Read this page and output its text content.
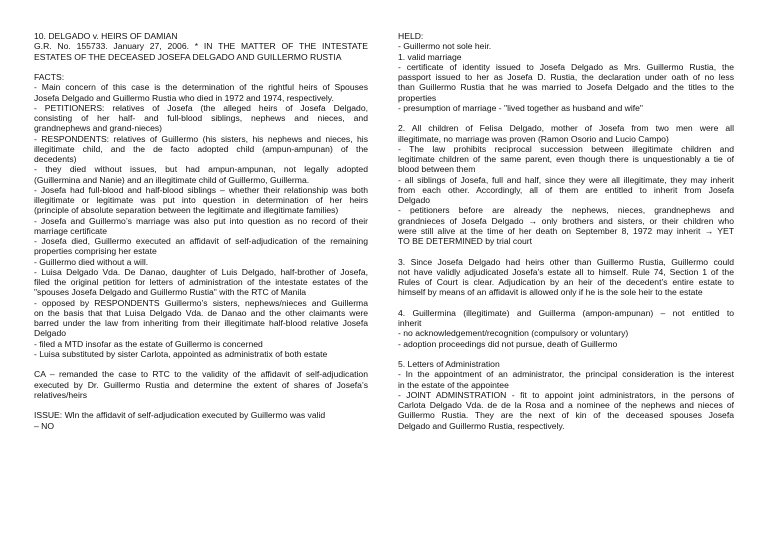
10. DELGADO v. HEIRS OF DAMIAN
G.R. No. 155733. January 27, 2006. * IN THE MATTER OF THE INTESTATE
ESTATES OF THE DECEASED JOSEFA DELGADO AND GUILLERMO RUSTIA
FACTS:
- Main concern of this case is the determination of the rightful heirs of Spouses
Josefa Delgado and Guillermo Rustia who died in 1972 and 1974, respectively.
- PETITIONERS: relatives of Josefa (the alleged heirs of Josefa Delgado,
consisting of her half- and full-blood siblings, nephews and nieces, and
grandnephews and grand-nieces)
- RESPONDENTS: relatives of Guillermo (his sisters, his nephews and nieces, his
illegitimate child, and the de facto adopted child (ampun-ampunan) of the
decedents)
- they died without issues, but had ampun-ampunan, not legally adopted
(Guillermina and Nanie) and an illegitimate child of Guillermo, Guillerma.
- Josefa had full-blood and half-blood siblings – whether their relationship was both
illegitimate or legitimate was put into question in determination of her heirs
(principle of absolute separation between the legitimate and illegitimate families)
- Josefa and Guillermo’s marriage was also put into question as no record of their
marriage certificate
- Josefa died, Guillermo executed an affidavit of self-adjudication of the remaining
properties comprising her estate
- Guillermo died without a will.
- Luisa Delgado Vda. De Danao, daughter of Luis Delgado, half-brother of Josefa,
filed the original petition for letters of administration of the intestate estates of the
"spouses Josefa Delgado and Guillermo Rustia" with the RTC of Manila
- opposed by RESPONDENTS Guillermo’s sisters, nephews/nieces and Guillerma
on the basis that that Luisa Delgado Vda. de Danao and the other claimants were
barred under the law from inheriting from their illegitimate half-blood relative Josefa
Delgado
- filed a MTD insofar as the estate of Guillermo is concerned
- Luisa substituted by sister Carlota, appointed as administratix of both estate
CA – remanded the case to RTC to the validity of the affidavit of self-adjudication
executed by Dr. Guillermo Rustia and determine the extent of shares of Josefa’s
relatives/heirs
ISSUE: Wln the affidavit of self-adjudication executed by Guillermo was valid
– NO
HELD:
- Guillermo not sole heir.
1. valid marriage
- certificate of identity issued to Josefa Delgado as Mrs. Guillermo Rustia, the
passport issued to her as Josefa D. Rustia, the declaration under oath of no less
than Guillermo Rustia that he was married to Josefa Delgado and the titles to the
properties
- presumption of marriage - "lived together as husband and wife"
2. All children of Felisa Delgado, mother of Josefa from two men were all
illegitimate, no marriage was proven (Ramon Osorio and Lucio Campo)
- The law prohibits reciprocal succession between illegitimate children and
legitimate children of the same parent, even though there is unquestionably a tie of
blood between them
- all siblings of Josefa, full and half, since they were all illegitimate, they may inherit
from each other. Accordingly, all of them are entitled to inherit from Josefa
Delgado
- petitioners before are already the nephews, nieces, grandnephews and
grandnieces of Josefa Delgado → only brothers and sisters, or their children who
were still alive at the time of her death on September 8, 1972 may inherit → YET
TO BE DETERMINED by trial court
3. Since Josefa Delgado had heirs other than Guillermo Rustia, Guillermo could
not have validly adjudicated Josefa’s estate all to himself. Rule 74, Section 1 of the
Rules of Court is clear. Adjudication by an heir of the decedent’s entire estate to
himself by means of an affidavit is allowed only if he is the sole heir to the estate
4. Guillermina (illegitimate) and Guillerma (ampon-ampunan) – not entitled to
inherit
- no acknowledgement/recognition (compulsory or voluntary)
- adoption proceedings did not pursue, death of Guillermo
5. Letters of Administration
- In the appointment of an administrator, the principal consideration is the interest
in the estate of the appointee
- JOINT ADMINSTRATION - fit to appoint joint administrators, in the persons of
Carlota Delgado Vda. de de la Rosa and a nominee of the nephews and nieces of
Guillermo Rustia. They are the next of kin of the deceased spouses Josefa
Delgado and Guillermo Rustia, respectively.
